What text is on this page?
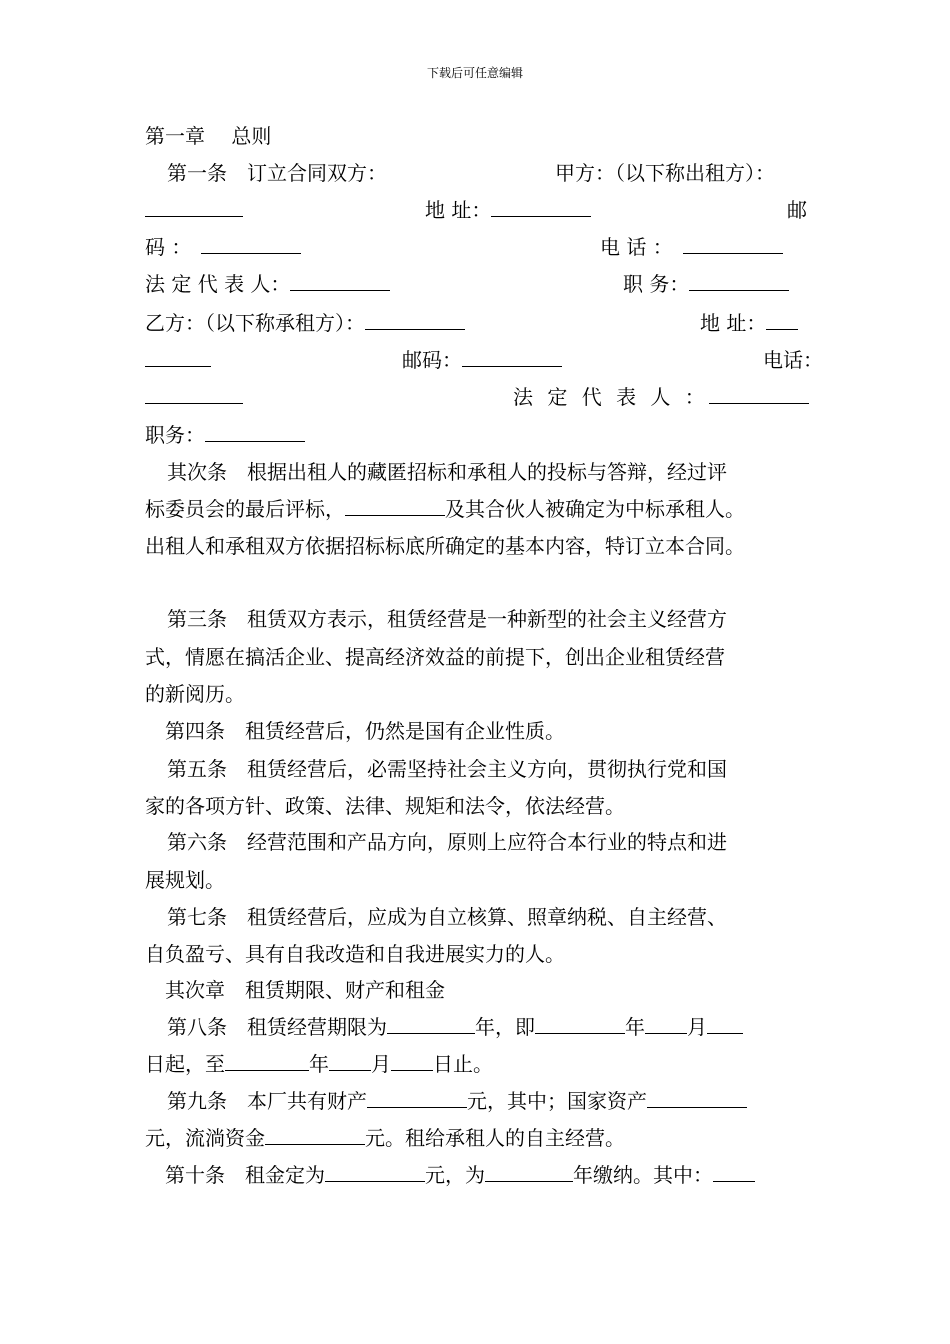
下载后可任意编辑
第一章　 总则
第一条　订立合同双方：	甲方：（以下称出租方）：
地 址：	邮
码 ：　	电 话 ：　
法 定 代 表 人：	职 务：
乙方：（以下称承租方）：	地 址：
邮码：	电话：
法 定 代 表 人 ：
职务：
其次条　根据出租人的藏匿招标和承租人的投标与答辩，经过评
标委员会的最后评标，	及其合伙人被确定为中标承租人。
出租人和承租双方依据招标标底所确定的基本内容，特订立本合同。
第三条　租赁双方表示，租赁经营是一种新型的社会主义经营方
式，情愿在搞活企业、提高经济效益的前提下，创出企业租赁经营
的新阅历。
第四条　租赁经营后，仍然是国有企业性质。
第五条　租赁经营后，必需坚持社会主义方向，贯彻执行党和国
家的各项方针、政策、法律、规矩和法令，依法经营。
第六条　经营范围和产品方向，原则上应符合本行业的特点和进
展规划。
第七条　租赁经营后，应成为自立核算、照章纳税、自主经营、
自负盈亏、具有自我改造和自我进展实力的人。
其次章　租赁期限、财产和租金
第八条　租赁经营期限为	年，即	年 月
日起，至	年 月 日止。
第九条　本厂共有财产	元，其中；国家资产
元，流淌资金	元。租给承租人的自主经营。
第十条　租金定为	元，为	年缴纳。其中：
